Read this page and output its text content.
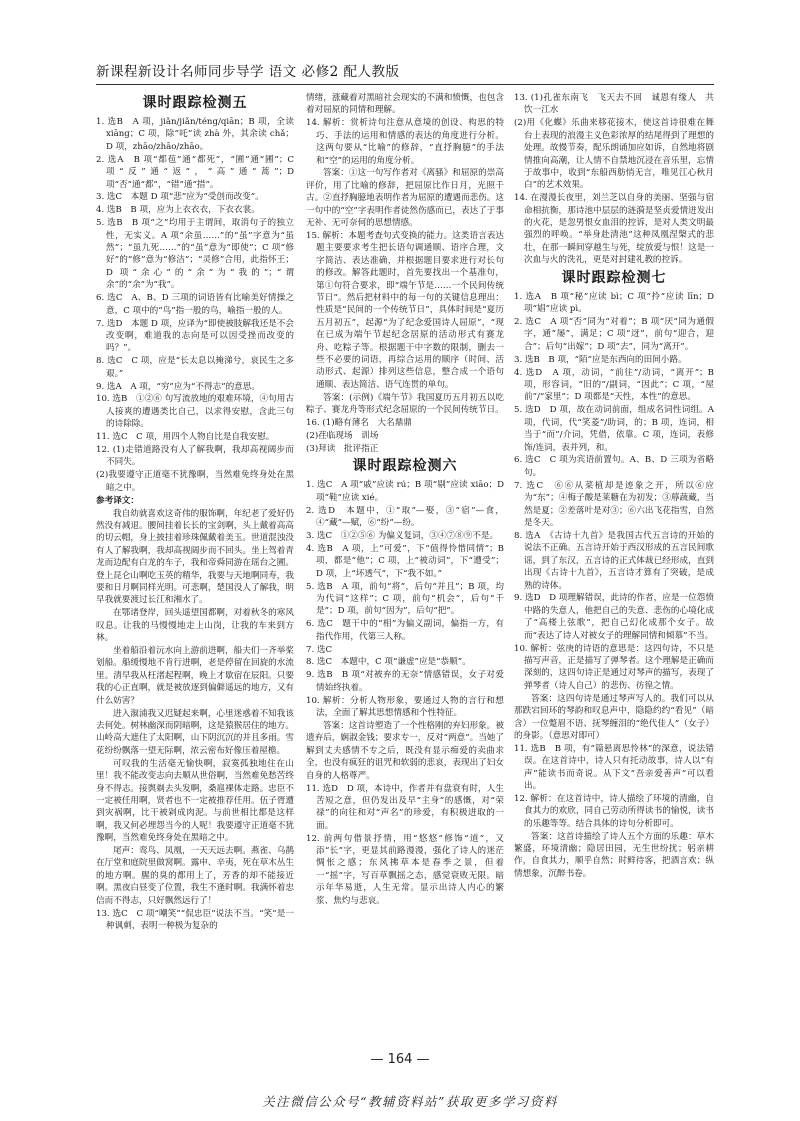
新课程新设计名师同步导学 语文 必修2 配人教版
课时跟踪检测五
1. 选B　A 项，jiǎn/jiǎn/téng/qiān；B 项，全读 xiāng；C 项，除“吒”读 zhà 外，其余读 chǎ；D 项，zhāo/zhāo/zhāo。
2. 选A　B 项“都苞”通“都死”，“圃”通“圃”；C 项“反”通“返”，“高”通“蒿”；D 项“否”通“都”，“错”通“措”。
3. 选C　本题 D 项“悲”应为“受创而改变”。
4. 选B　B 项，应为上衣衣衣，下衣衣裳。
5. 选B　B 项“之”均用于主谓间，取消句子的独立性，无实义。A 项“余虽……”的“虽”字意为“虽然”；“虽九死……”的“虽”意为“即使”；C 项“修好”的“修”意为“修洁”；“灵修”合用，此指怀王；D 项“余心”的“余”为“我的”；“谓余”的“余”为“我”。
6. 选C　A、B、D 三项的词语皆有比喻美好情操之意，C 项中的“鸟”指一般的鸟，喻指一般的人。
7. 选D　本题 D 项，应译为“即使被肢解我还是不会改变啊，难道我的志向是可以因受挫而改变的吗？”。
8. 选C　C 项，应是“长太息以掩涕兮，哀民生之多艰。”
9. 选A　A 项，“穷”应为“不得志”的意思。
10. 选B　①②⑥ 句写流放地的艰难环境，④句用古人接爽的遭遇类比自己，以求得安慰，含此三句的诗除除。
11. 选C　C 项，用四个人物自比是自我安慰。
12. (1)走错道路没有人了解我啊，我却高视阔步而不同失。
(2)我要遵守正道毫不犹豫啊，当然难免终身处在黑暗之中。
参考译文：
我自幼就喜欢这奇伟的服饰啊，年纪老了爱好仍然没有减退。腰间挂着长长的宝剑啊，头上戴着高高的切云帽，身上披挂着珍珠佩戴着美玉。世道混浊没有人了解我啊，我却高视阔步而不回头。坐上驾着青龙而边配有白龙的车子，我和帝舜同游在瑶台之圃。登上昆仑山啊吃玉英的精华，我要与天地啊同寿，我要和日月啊同样光明。可悲啊，楚国没人了解我，明早我就要渡过长江和湘水了。
在鄂诸登岸，回头遥望国都啊，对着秋冬的寒风叹息。让我的马慢慢地走上山岗，让我的车来到方林。
坐着船沿着沅水向上游前进啊，船夫们一齐举桨划船。船缓慢地不肯行进啊，老是停留在回旋的水流里。清早我从枉渚起程啊，晚上才歇宿在辰阳。只要我的心正直啊，就是被放逐到偏僻遥远的地方，又有什么妨害？
进入溆浦我又迟疑起来啊，心里迷惑着不知我该去何处。树林幽深而阴暗啊，这是猿猴居住的地方。山岭高大遮住了太阳啊，山下阴沉沉的并且多雨。雪花纷纷飘落一望无际啊，浓云密布好像压着屋檐。
可叹我的生活毫无愉快啊，寂寞孤独地住在山里！我不能改变志向去顺从世俗啊，当然难免愁苦终身不得志。接舆剃去头发啊，桑扈裸体走路。忠臣不一定被任用啊，贤者也不一定被推荐任用。伍子胥遭到灾祸啊，比干被剁成肉泥。与前世相比都是这样啊，我又何必埋怨当今的人呢！我要遵守正道毫不犹豫啊，当然难免终身处在黑暗之中。
尾声：鸾鸟、凤凰，一天天远去啊。燕雀、乌鹊在厅堂和庭院里做窝啊。露申、辛夷，死在草木丛生的地方啊。腥的臭的都用上了，芳香的却不能接近啊。黑夜白昼变了位置，我生不逢时啊。我满怀着忠信而不得志，只好飘然远行了！
13. 选C　C 项“嘲笑”“侃忠臣”说法不当。“笑”是一种讽刺，表明一种极为复杂的
情绪，涨藏着对黑暗社会现实的不满和愤慨，也包含着对屈原的同情和理解。
14. 解析：赏析诗句注意从意境的创设、构思的特巧、手法的运用和情感的表达的角度进行分析。这两句要从“比喻”的修辞，“直抒胸臆”的手法和“空”的运用的角度分析。
答案：①这一句写作者对《离骚》和屈原的崇高评价，用了比喻的修辞，把屈原比作日月，光照千古。②直抒胸臆地表明作者为屈原的遭遇而悲伤。这一句中的“空”字表明作者徒然伤感而已，表达了于事无补、无可奈何的思想情感。
15. 解析：本题考查句式变换的能力。这类语言表达题主要要求考生把长语句调通顺、语序合理，文字简洁、表达准确，并根据题目要求进行对长句的修改。解答此题时，首先要找出一个基准句，第①句符合要求，即“端午节是……一个民间传统节日”。然后把材料中的每一句的关键信息理出：性质是“民间的一个传统节日”，具体时间是“夏历五月初五”，起源“为了纪念爱国诗人屈原”，“现在已成为端午节起纪念居原的活动形式有赛龙舟、吃粽子等。根据题干中字数的限制，删去一些不必要的词语，再综合运用的顺序（时间、活动形式、起源）排列这些信息，整合成一个语句通顺、表达简洁、语气连贯的单句。
答案：(示例)《端午节》我国夏历五月初五以吃粽子、赛龙舟等形式纪念屈原的一个民间传统节日。
16. (1)略有薄名　大名鼎鼎
(2)荏临现场　训场
(3)拜读　批评指正
课时跟踪检测六
1. 选C　A 项“戚”应读 rú；B 项“剔”应读 xiāo；D 项“鞋”应读 xié。
2. 选D　本题中，①“取”—娶，③“宿”—食，④“藏”—赋，⑥“纷”—纷。
3. 选C　①②⑤⑥ 为偏义复词，③④⑦⑧⑨不是。
4. 选B　A 项，上“可爱”，下“值得怜惜同情”；B 项，都是“他”；C 项，上“被动词”，下“遭受”；D 项，上“坏透气”，下“我不如。”
5. 选B　A 项，前句“将”，后句“并且”；B 项，均为代词“这样”；C 项，前句“机会”，后句“千是”；D 项，前句“因为”，后句“把”。
6. 选C　题干中的“相”为偏义副词，偏指一方，有指代作用，代第三人称。
7. 选C
8. 选C　本题中，C 项“谦虚”应是“恭顺”。
9. 选B　B 项“对被弃的无奈”情感错误，女子对爱情始终执着。
10. 解析：分析人物形象，要通过人物的言行和想法，全面了解其思想情感和个性特征。
答案：这首诗塑造了一个性格刚的弃妇形象。被遗弃后，娴淑金钱；要求专一，反对“两意”。当她了解到丈夫感情不专之后，既没有显示痴爱的卖曲求全，也没有疯狂的诅咒和软弱的悲哀，表现出了妇女自身的人格尊严。
11. 选D　D 项，本诗中，作者并有盘衰有时，人生苦短之意，但仍发出及早“主身”的感慨，对“荣禄”的向往和对“声名”的珍爱，有积极进取的一面。
12. 前两句借景抒情，用“悠悠”修饰“道”，又添“长”字，更显其前路漫漫，强化了诗人的迷茫惆怅之感；东风拂草本是春季之景，但着一“摇”字，写百草飘摇之态，感觉衰败无限。暗示年华易逝，人生无常。显示出诗人内心的繁浆、焦灼与悲哀。
13. (1)孔雀东南飞　飞天去不回　诚恩有缘人　共饮一江水
(2)用《化蝶》乐曲来移花接木，使这首诗很难在舞台上表现的浪漫主义色彩浓厚的结尾得到了理想的处理。故慢节奏，配乐朗诵加应如诉，自然地将剧情推向高潮，让人情不自禁地沉浸在音乐里，忘情于故事中，收到“东船西舫悄无言，唯见江心秋月白”的艺术效果。
14. 在漫漫长夜里，刘兰芝以自身的美丽、坚强与宿命相抗衡，那诗池中层层的涟漪是坚贞爱情迸发出的火花，是忽男恨女血泪的控诉，是对人类文明最强烈的呼唤。“举身赴清池”这种凤凰涅槃式的悲壮，在那一瞬间穿越生与死，绽放爱与恨！这是一次血与火的洗礼，更是对封建礼教的控诉。
课时跟踪检测七
1. 选A　B 项“秘”应读 bì；C 项“拎”应读 līn；D 项“娼”应读 pì。
2. 选C　A 项“否”同为“对着”；B 项“厌”同为通假字，通“屡”，满足；C 项“迓”，前句“迎合，迎合”；后句“出嫁”；D 项“去”，同为“离开”。
3. 选B　B 项，“陌”应是东西向的田间小路。
4. 选D　A 项，动词，“前往”/动词，“离开”；B 项，形容词，“旧的”/副词，“因此”；C 项，“屋前”/“家里”；D 项都是“天性，本性”的意思。
5. 选D　D 项，故在动词前面，组成名词性词组。A 项，代词，代“笑菱”/助词，的；B 项，连词，相当于“而”/介词，凭借，依靠。C 项，连词，表修饰/连词，表并列，和。
6. 选C　C 项为宾语前置句。A、B、D 三项为省略句。
7. 选C　⑥⑥从菜植却是迹象之开，所以⑥应为“东”；④梅子酸是莱糖在为初发；③蓐蔬藏，当然是夏；②差落叶是对③；⑥六出飞花指雪，自然是冬天。
8. 选A　《古诗十九首》是我国古代五言诗的开始的说法不正确。五言诗开始于西汉形成的五言民间歌谣，到了东汉，五言诗的正式体裁已经形成，直到出现《古诗十九首》，五言诗才算有了突破，是成熟的诗体。
9. 选D　D 项理解错误，此诗的作者，应是一位怨愤中路的失意人，他把自己的失意、悲伤的心境化成了“高楼上弦歌”，把自己幻化成那个女子。故而“表达了诗人对被女子的理解同情和倾慕”不当。
10. 解析：弦庚的诗语的意思是：这四句诗，不只是描写声音，正是描写了弹琴者。这个理解是正确而深刻的，这四句诗正是通过对琴声的描写，表现了弹琴者（诗人自己）的悲伤、彷徨之情。
答案：这四句诗是通过琴声写人的。我们可以从那跌宕回环的琴韵和叹息声中，隐隐约约“看见”（暗含）一位蹩眉不语、抚琴缠泪的“绝代佳人”（女子）的身影。（意思对即可）
11. 选B　B 项，有“篇悬离思怜林”的深意，说法错误。在这首诗中，诗人只有托动故事，诗人以“有声”能读书而奇说。从下文“吾亲爱善声”可以看出。
12. 解析：在这首诗中，诗人描绘了环境的清幽，自食其力的欢欣，同自己劳动所得读书的愉悦，读书的乐趣等等。结合具体的诗句分析即可。
答案：这首诗描绘了诗人五个方面的乐趣：草木繁盛，环境清幽；隐居田园，无生世纷扰；躬亲耕作，自食其力，顺乎自然；时鲜待客，把酒言欢；纵情想象，沉醉书卷。
— 164 —
关注微信公众号“教辅资料站”获取更多学习资料
